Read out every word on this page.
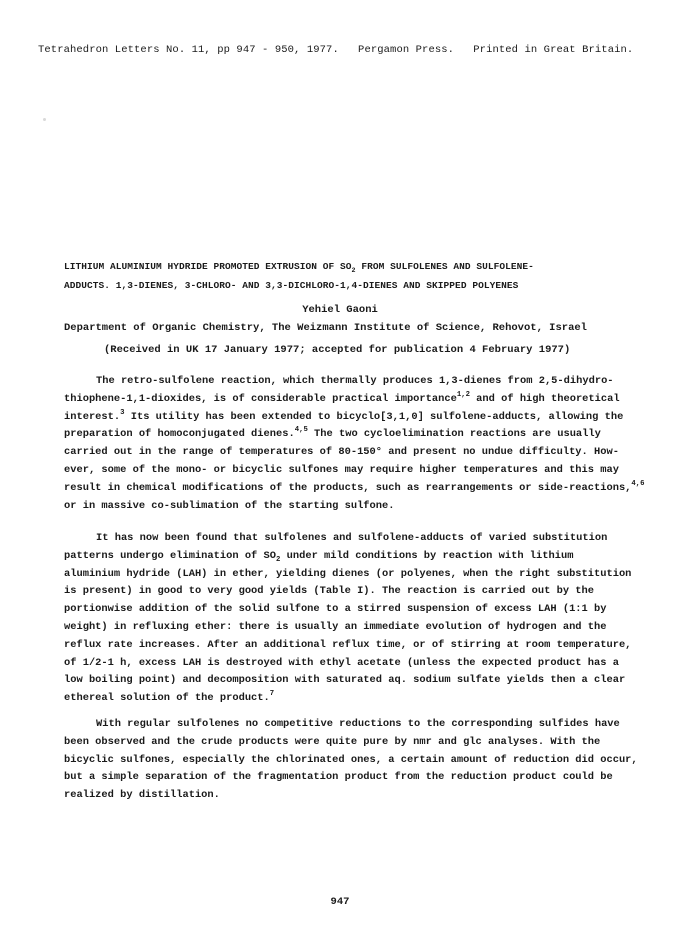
Tetrahedron Letters No. 11, pp 947 - 950, 1977.   Pergamon Press.   Printed in Great Britain.
LITHIUM ALUMINIUM HYDRIDE PROMOTED EXTRUSION OF $SO_2$ FROM SULFOLENES AND SULFOLENE-
ADDUCTS. 1,3-DIENES, 3-CHLORO- AND 3,3-DICHLORO-1,4-DIENES AND SKIPPED POLYENES
Yehiel Gaoni
Department of Organic Chemistry, The Weizmann Institute of Science, Rehovot, Israel
(Received in UK 17 January 1977; accepted for publication 4 February 1977)
The retro-sulfolene reaction, which thermally produces 1,3-dienes from 2,5-dihydro-
thiophene-1,1-dioxides, is of considerable practical importance$^{1,2}$ and of high theoretical
interest.$^3$ Its utility has been extended to bicyclo[3,1,0] sulfolene-adducts, allowing the
preparation of homoconjugated dienes.$^{4,5}$ The two cycloelimination reactions are usually
carried out in the range of temperatures of 80-150° and present no undue difficulty. How-
ever, some of the mono- or bicyclic sulfones may require higher temperatures and this may
result in chemical modifications of the products, such as rearrangements or side-reactions,$^{4,6}$
or in massive co-sublimation of the starting sulfone.
It has now been found that sulfolenes and sulfolene-adducts of varied substitution
patterns undergo elimination of $SO_2$ under mild conditions by reaction with lithium
aluminium hydride (LAH) in ether, yielding dienes (or polyenes, when the right substitution
is present) in good to very good yields (Table I). The reaction is carried out by the
portionwise addition of the solid sulfone to a stirred suspension of excess LAH (1:1 by
weight) in refluxing ether: there is usually an immediate evolution of hydrogen and the
reflux rate increases. After an additional reflux time, or of stirring at room temperature,
of 1/2-1 h, excess LAH is destroyed with ethyl acetate (unless the expected product has a
low boiling point) and decomposition with saturated aq. sodium sulfate yields then a clear
ethereal solution of the product.$^7$
With regular sulfolenes no competitive reductions to the corresponding sulfides have
been observed and the crude products were quite pure by nmr and glc analyses. With the
bicyclic sulfones, especially the chlorinated ones, a certain amount of reduction did occur,
but a simple separation of the fragmentation product from the reduction product could be
realized by distillation.
947
